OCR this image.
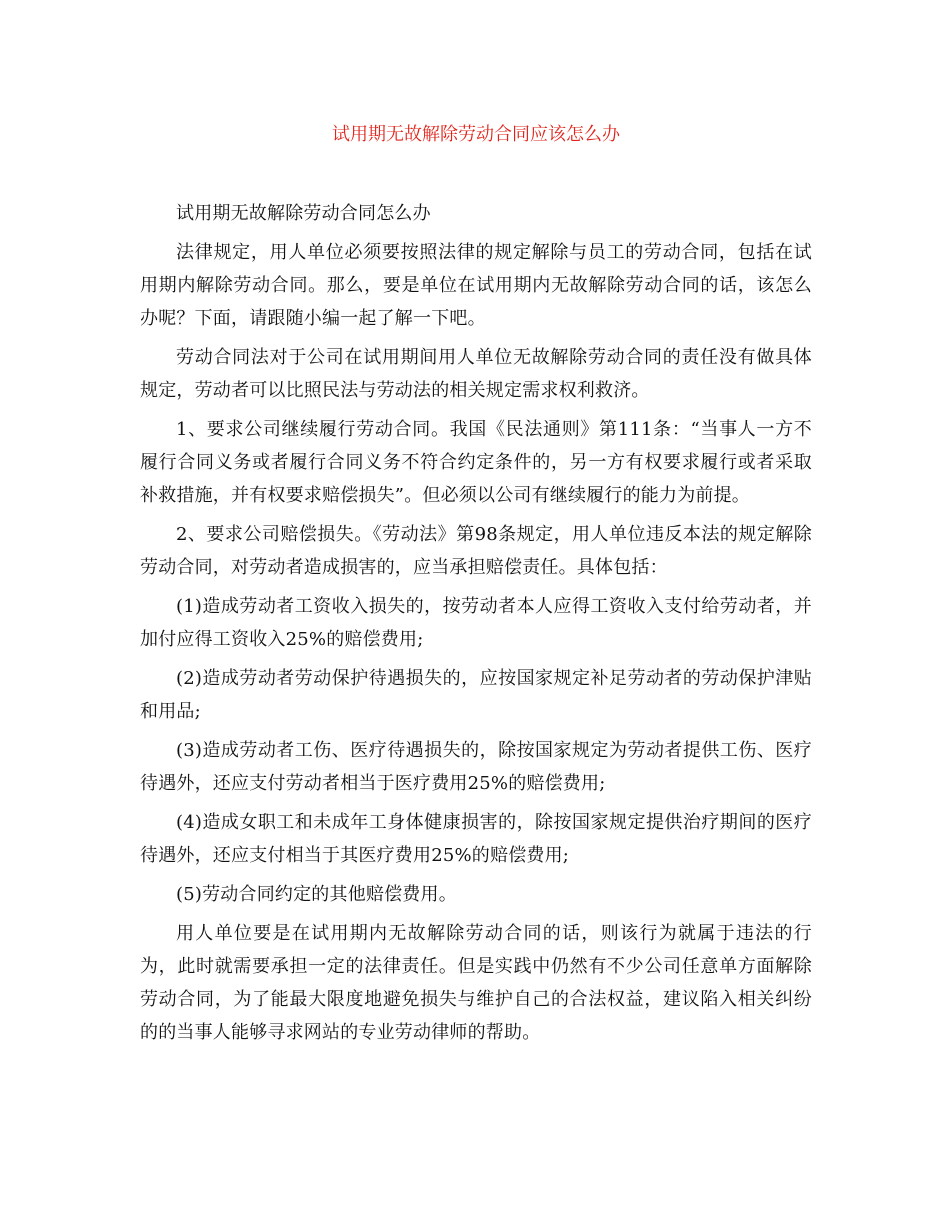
试用期无故解除劳动合同应该怎么办

试用期无故解除劳动合同怎么办

法律规定，用人单位必须要按照法律的规定解除与员工的劳动合同，包括在试用期内解除劳动合同。那么，要是单位在试用期内无故解除劳动合同的话，该怎么办呢？下面，请跟随小编一起了解一下吧。

劳动合同法对于公司在试用期间用人单位无故解除劳动合同的责任没有做具体规定，劳动者可以比照民法与劳动法的相关规定需求权利救济。

1、要求公司继续履行劳动合同。我国《民法通则》第111条：“当事人一方不履行合同义务或者履行合同义务不符合约定条件的，另一方有权要求履行或者采取补救措施，并有权要求赔偿损失”。但必须以公司有继续履行的能力为前提。

2、要求公司赔偿损失。《劳动法》第98条规定，用人单位违反本法的规定解除劳动合同，对劳动者造成损害的，应当承担赔偿责任。具体包括：

(1)造成劳动者工资收入损失的，按劳动者本人应得工资收入支付给劳动者，并加付应得工资收入25%的赔偿费用;

(2)造成劳动者劳动保护待遇损失的，应按国家规定补足劳动者的劳动保护津贴和用品;

(3)造成劳动者工伤、医疗待遇损失的，除按国家规定为劳动者提供工伤、医疗待遇外，还应支付劳动者相当于医疗费用25%的赔偿费用;

(4)造成女职工和未成年工身体健康损害的，除按国家规定提供治疗期间的医疗待遇外，还应支付相当于其医疗费用25%的赔偿费用;

(5)劳动合同约定的其他赔偿费用。

用人单位要是在试用期内无故解除劳动合同的话，则该行为就属于违法的行为，此时就需要承担一定的法律责任。但是实践中仍然有不少公司任意单方面解除劳动合同，为了能最大限度地避免损失与维护自己的合法权益，建议陷入相关纠纷的的当事人能够寻求网站的专业劳动律师的帮助。
